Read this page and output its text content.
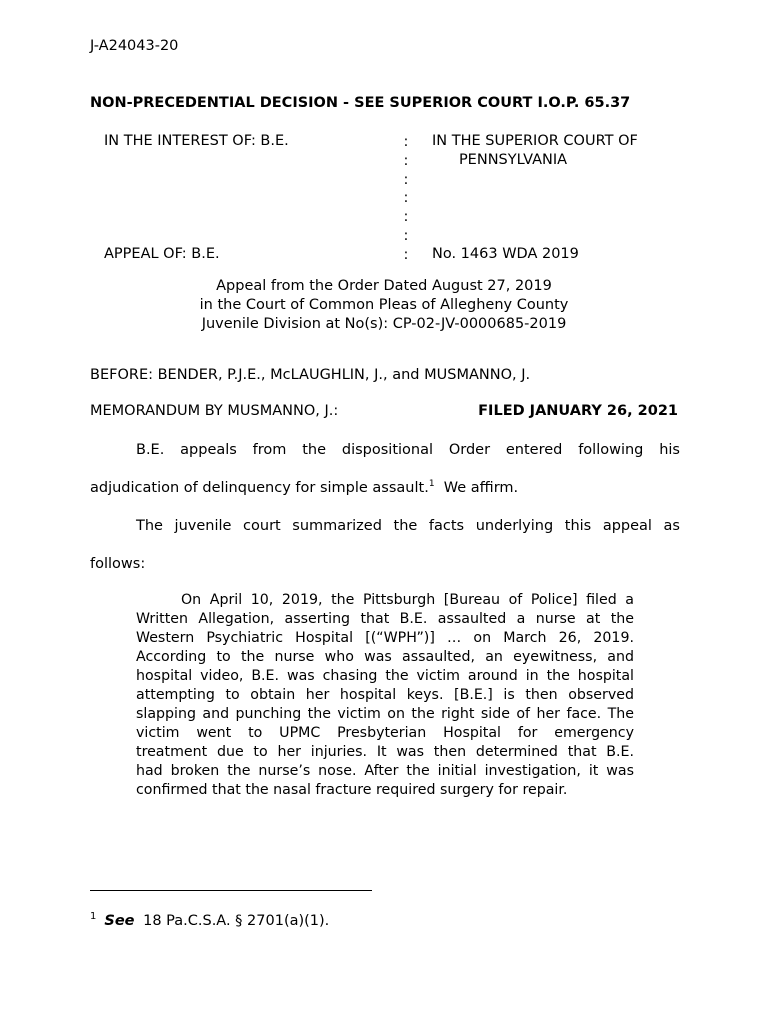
J-A24043-20
NON-PRECEDENTIAL DECISION - SEE SUPERIOR COURT I.O.P. 65.37
IN THE INTEREST OF: B.E.
APPEAL OF: B.E.
:
:
:
:
:
:
:
IN THE SUPERIOR COURT OF
PENNSYLVANIA
No. 1463 WDA 2019
Appeal from the Order Dated August 27, 2019
in the Court of Common Pleas of Allegheny County
Juvenile Division at No(s): CP-02-JV-0000685-2019
BEFORE: BENDER, P.J.E., McLAUGHLIN, J., and MUSMANNO, J.
MEMORANDUM BY MUSMANNO, J.:	FILED JANUARY 26, 2021
B.E. appeals from the dispositional Order entered following his
adjudication of delinquency for simple assault.$^1$  We affirm.
The juvenile court summarized the facts underlying this appeal as
follows:
On April 10, 2019, the Pittsburgh [Bureau of Police] filed a
Written Allegation, asserting that B.E. assaulted a nurse at the
Western Psychiatric Hospital [(“WPH”)] … on March 26, 2019.
According to the nurse who was assaulted, an eyewitness, and
hospital video, B.E. was chasing the victim around in the hospital
attempting to obtain her hospital keys. [B.E.] is then observed
slapping and punching the victim on the right side of her face. The
victim went to UPMC Presbyterian Hospital for emergency
treatment due to her injuries. It was then determined that B.E.
had broken the nurse’s nose. After the initial investigation, it was
confirmed that the nasal fracture required surgery for repair.
$^1$ See 18 Pa.C.S.A. § 2701(a)(1).
